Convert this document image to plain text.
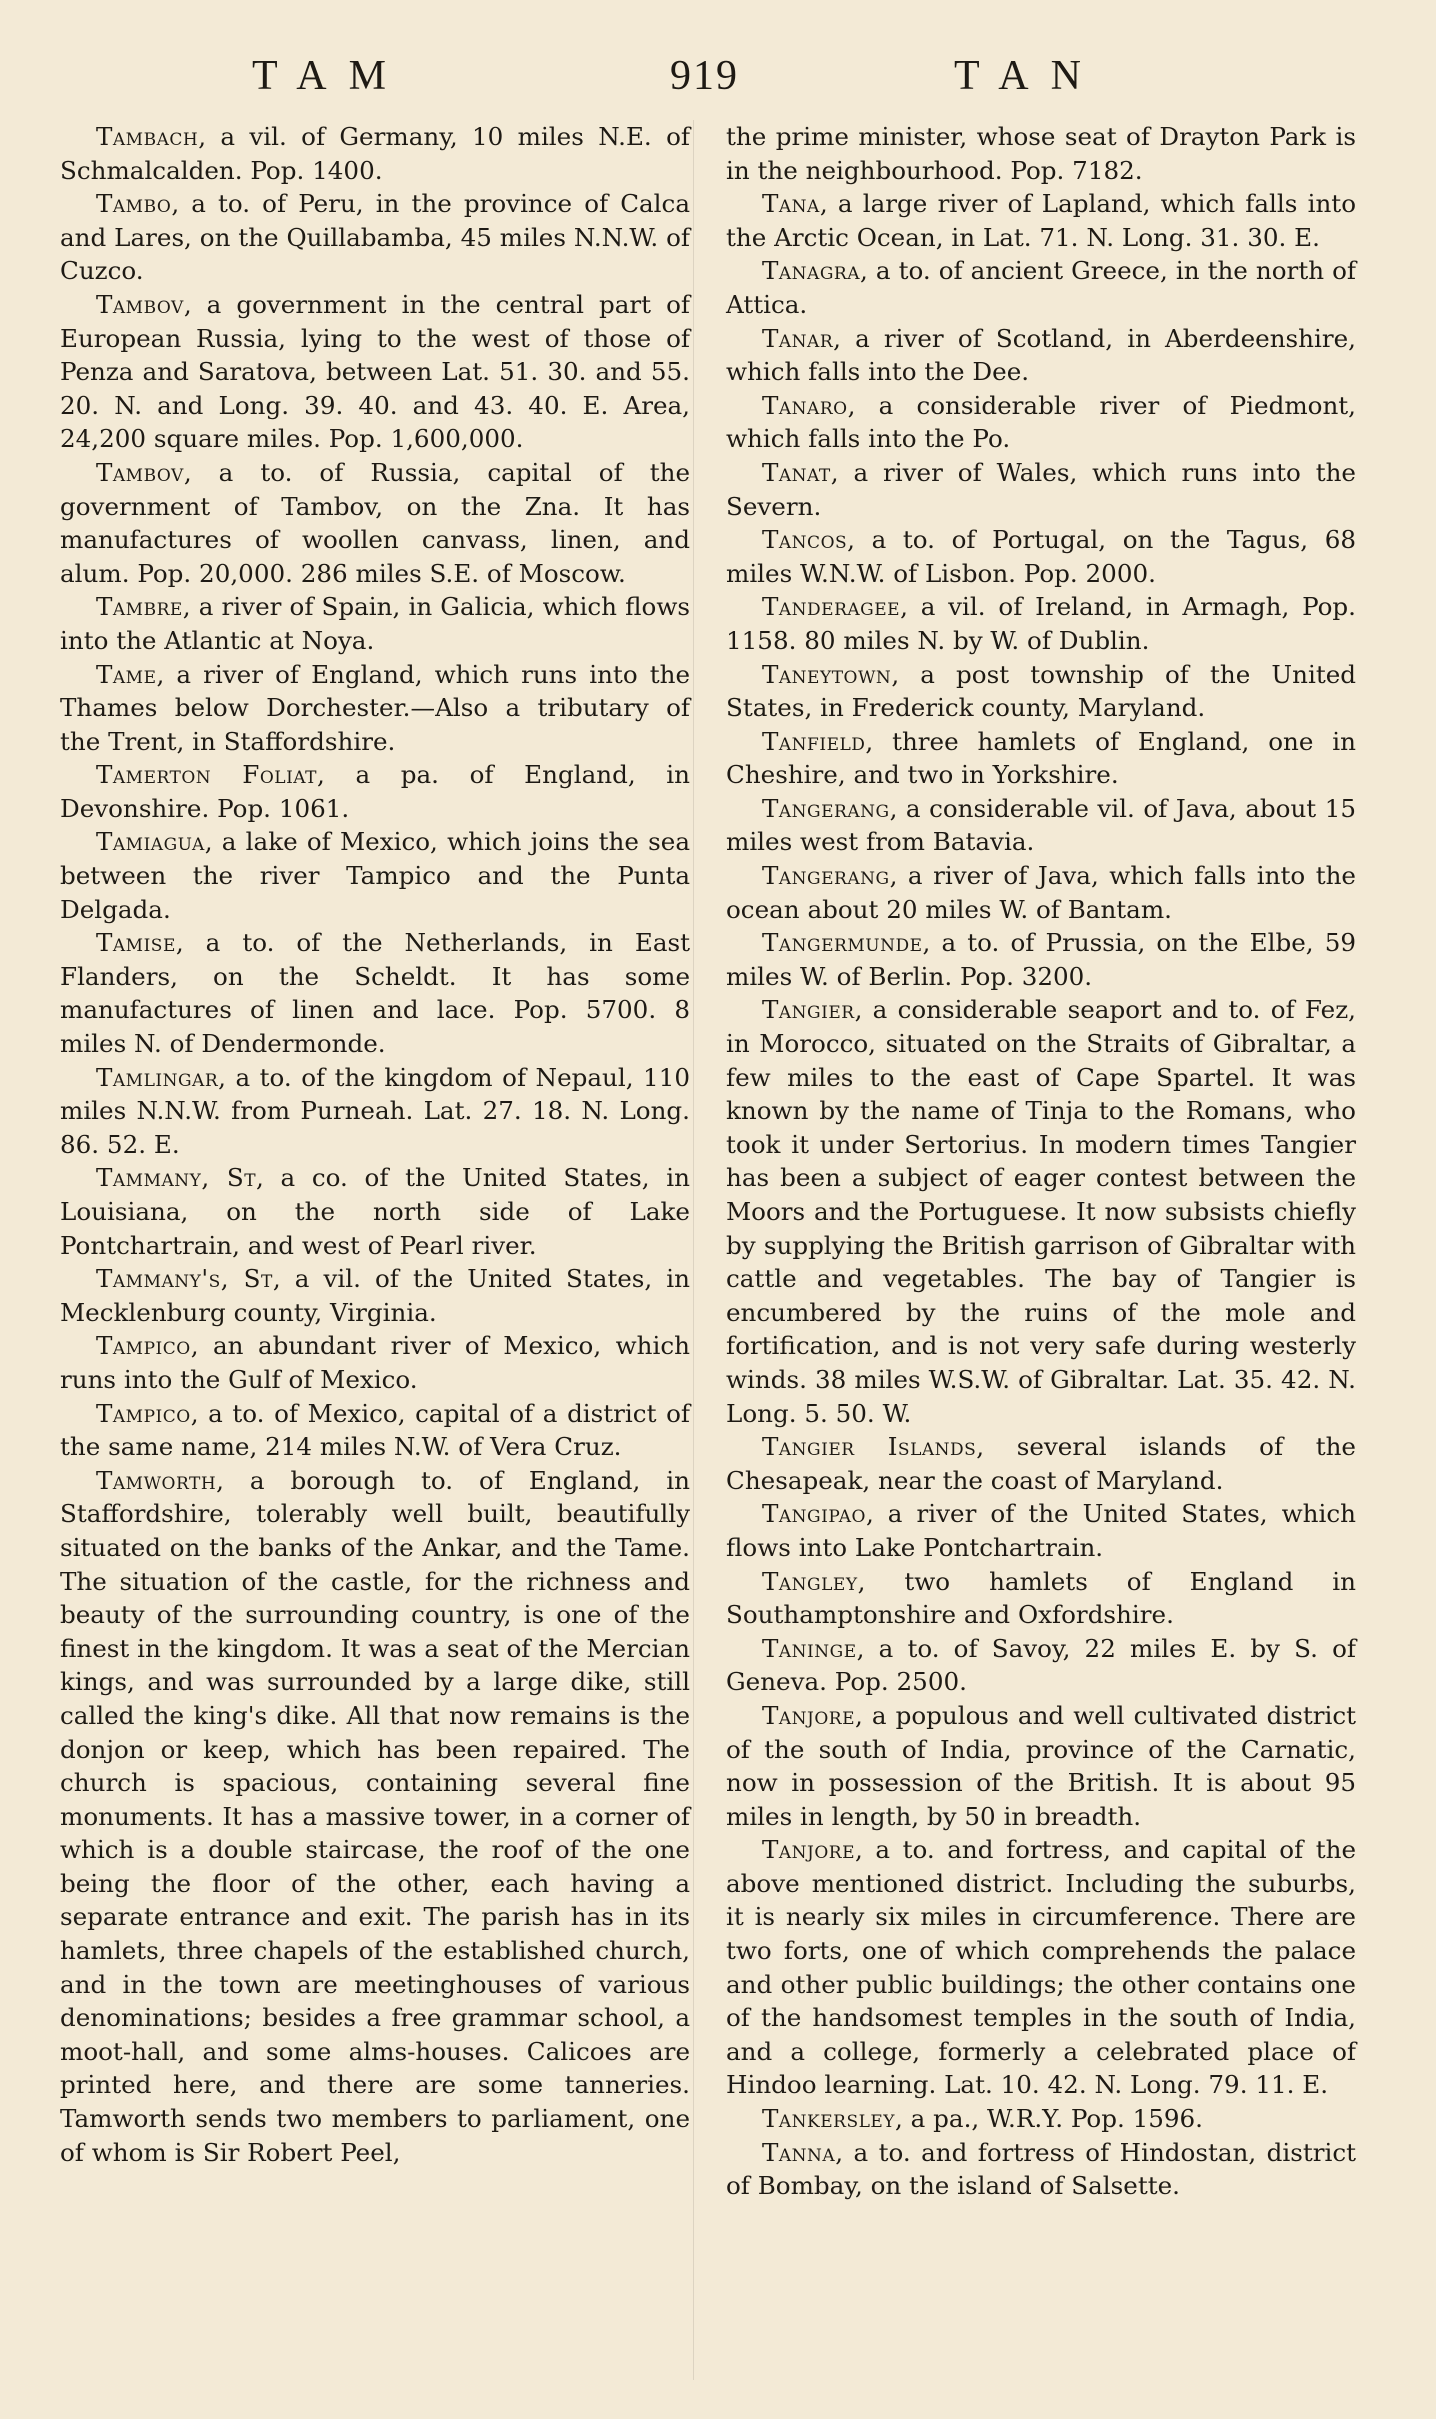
TAM	919	TAN

Tambach, a vil. of Germany, 10 miles N.E. of Schmalcalden. Pop. 1400.

Tambo, a to. of Peru, in the province of Calca and Lares, on the Quillabamba, 45 miles N.N.W. of Cuzco.

Tambov, a government in the central part of European Russia, lying to the west of those of Penza and Saratova, between Lat. 51. 30. and 55. 20. N. and Long. 39. 40. and 43. 40. E. Area, 24,200 square miles. Pop. 1,600,000.

Tambov, a to. of Russia, capital of the government of Tambov, on the Zna. It has manufactures of woollen canvass, linen, and alum. Pop. 20,000. 286 miles S.E. of Moscow.

Tambre, a river of Spain, in Galicia, which flows into the Atlantic at Noya.

Tame, a river of England, which runs into the Thames below Dorchester.—Also a tributary of the Trent, in Staffordshire.

Tamerton Foliat, a pa. of England, in Devonshire. Pop. 1061.

Tamiagua, a lake of Mexico, which joins the sea between the river Tampico and the Punta Delgada.

Tamise, a to. of the Netherlands, in East Flanders, on the Scheldt. It has some manufactures of linen and lace. Pop. 5700. 8 miles N. of Dendermonde.

Tamlingar, a to. of the kingdom of Nepaul, 110 miles N.N.W. from Purneah. Lat. 27. 18. N. Long. 86. 52. E.

Tammany, St, a co. of the United States, in Louisiana, on the north side of Lake Pontchartrain, and west of Pearl river.

Tammany's, St, a vil. of the United States, in Mecklenburg county, Virginia.

Tampico, an abundant river of Mexico, which runs into the Gulf of Mexico.

Tampico, a to. of Mexico, capital of a district of the same name, 214 miles N.W. of Vera Cruz.

Tamworth, a borough to. of England, in Staffordshire, tolerably well built, beautifully situated on the banks of the Ankar, and the Tame. The situation of the castle, for the richness and beauty of the surrounding country, is one of the finest in the kingdom. It was a seat of the Mercian kings, and was surrounded by a large dike, still called the king's dike. All that now remains is the donjon or keep, which has been repaired. The church is spacious, containing several fine monuments. It has a massive tower, in a corner of which is a double staircase, the roof of the one being the floor of the other, each having a separate entrance and exit. The parish has in its hamlets, three chapels of the established church, and in the town are meetinghouses of various denominations; besides a free grammar school, a moot-hall, and some alms-houses. Calicoes are printed here, and there are some tanneries. Tamworth sends two members to parliament, one of whom is Sir Robert Peel,

the prime minister, whose seat of Drayton Park is in the neighbourhood. Pop. 7182.

Tana, a large river of Lapland, which falls into the Arctic Ocean, in Lat. 71. N. Long. 31. 30. E.

Tanagra, a to. of ancient Greece, in the north of Attica.

Tanar, a river of Scotland, in Aberdeenshire, which falls into the Dee.

Tanaro, a considerable river of Piedmont, which falls into the Po.

Tanat, a river of Wales, which runs into the Severn.

Tancos, a to. of Portugal, on the Tagus, 68 miles W.N.W. of Lisbon. Pop. 2000.

Tanderagee, a vil. of Ireland, in Armagh, Pop. 1158. 80 miles N. by W. of Dublin.

Taneytown, a post township of the United States, in Frederick county, Maryland.

Tanfield, three hamlets of England, one in Cheshire, and two in Yorkshire.

Tangerang, a considerable vil. of Java, about 15 miles west from Batavia.

Tangerang, a river of Java, which falls into the ocean about 20 miles W. of Bantam.

Tangermunde, a to. of Prussia, on the Elbe, 59 miles W. of Berlin. Pop. 3200.

Tangier, a considerable seaport and to. of Fez, in Morocco, situated on the Straits of Gibraltar, a few miles to the east of Cape Spartel. It was known by the name of Tinja to the Romans, who took it under Sertorius. In modern times Tangier has been a subject of eager contest between the Moors and the Portuguese. It now subsists chiefly by supplying the British garrison of Gibraltar with cattle and vegetables. The bay of Tangier is encumbered by the ruins of the mole and fortification, and is not very safe during westerly winds. 38 miles W.S.W. of Gibraltar. Lat. 35. 42. N. Long. 5. 50. W.

Tangier Islands, several islands of the Chesapeak, near the coast of Maryland.

Tangipao, a river of the United States, which flows into Lake Pontchartrain.

Tangley, two hamlets of England in Southamptonshire and Oxfordshire.

Taninge, a to. of Savoy, 22 miles E. by S. of Geneva. Pop. 2500.

Tanjore, a populous and well cultivated district of the south of India, province of the Carnatic, now in possession of the British. It is about 95 miles in length, by 50 in breadth.

Tanjore, a to. and fortress, and capital of the above mentioned district. Including the suburbs, it is nearly six miles in circumference. There are two forts, one of which comprehends the palace and other public buildings; the other contains one of the handsomest temples in the south of India, and a college, formerly a celebrated place of Hindoo learning. Lat. 10. 42. N. Long. 79. 11. E.

Tankersley, a pa., W.R.Y. Pop. 1596.

Tanna, a to. and fortress of Hindostan, district of Bombay, on the island of Salsette.
